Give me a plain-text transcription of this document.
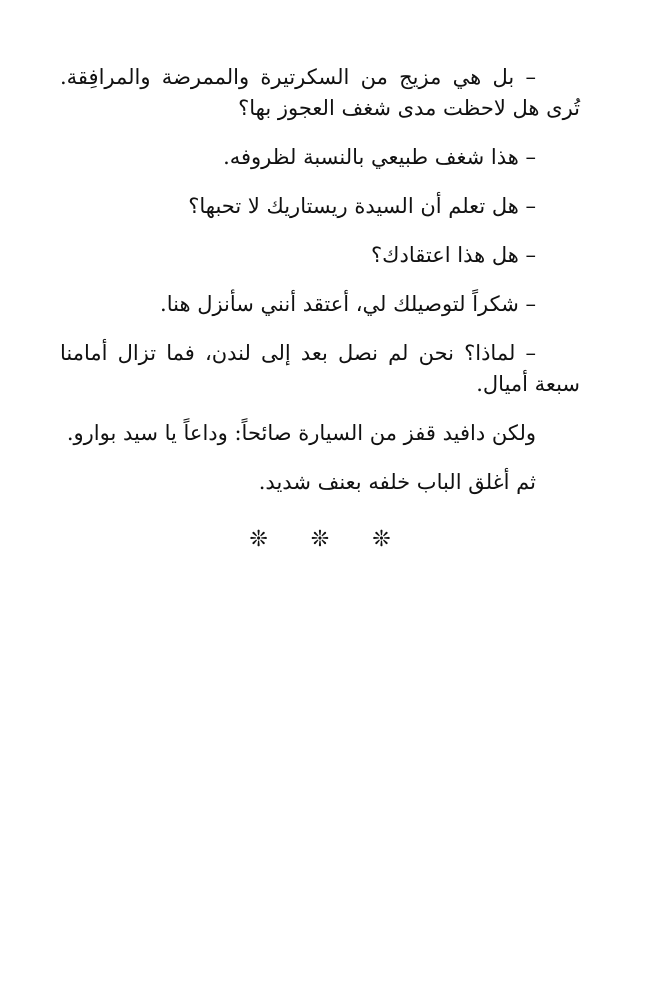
– بل هي مزيج من السكرتيرة والممرضة والمرافِقة. تُرى هل لاحظت مدى شغف العجوز بها؟

– هذا شغف طبيعي بالنسبة لظروفه.

– هل تعلم أن السيدة ريستاريك لا تحبها؟

– هل هذا اعتقادك؟

– شكراً لتوصيلك لي، أعتقد أنني سأنزل هنا.

– لماذا؟ نحن لم نصل بعد إلى لندن، فما تزال أمامنا سبعة أميال.

ولكن دافيد قفز من السيارة صائحاً: وداعاً يا سيد بوارو.

ثم أغلق الباب خلفه بعنف شديد.

❊ ❊ ❊
